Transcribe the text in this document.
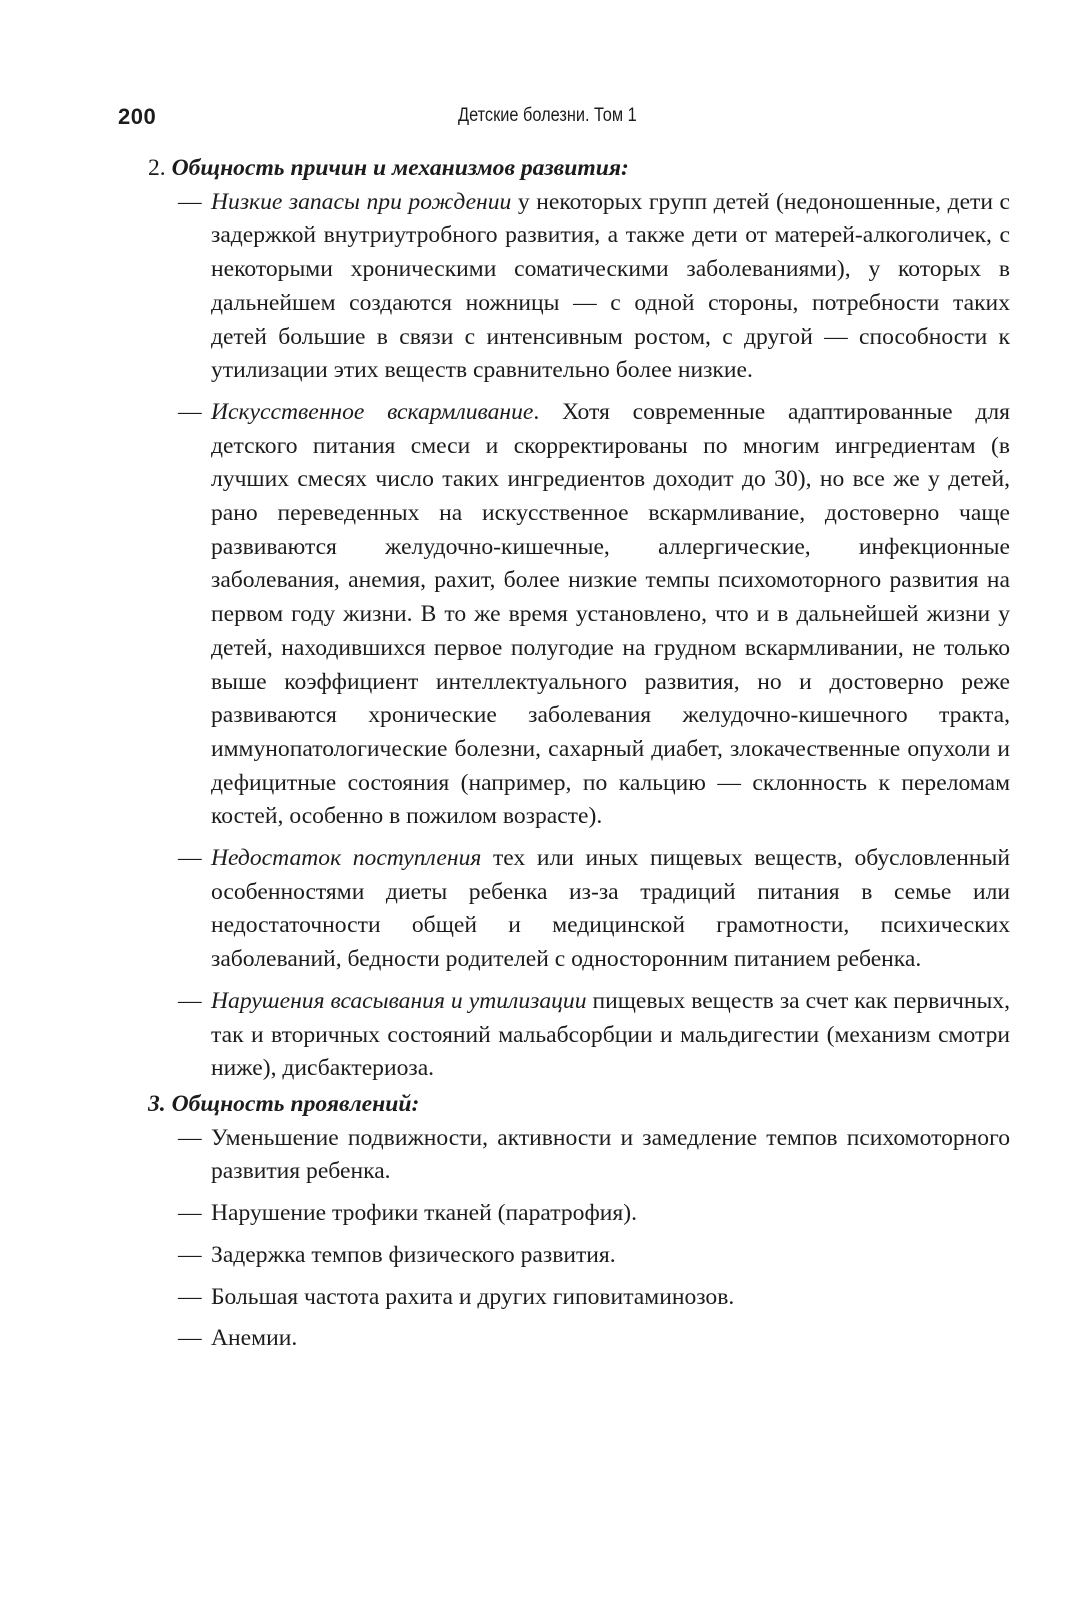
200	Детские болезни. Том 1

2. Общность причин и механизмов развития:

— Низкие запасы при рождении у некоторых групп детей (недоношенные, дети с задержкой внутриутробного развития, а также дети от матерей-алкоголичек, с некоторыми хроническими соматическими заболеваниями), у которых в дальнейшем создаются ножницы — с одной стороны, потребности таких детей большие в связи с интенсивным ростом, с другой — способности к утилизации этих веществ сравнительно более низкие.
— Искусственное вскармливание. Хотя современные адаптированные для детского питания смеси и скорректированы по многим ингредиентам (в лучших смесях число таких ингредиентов доходит до 30), но все же у детей, рано переведенных на искусственное вскармливание, достоверно чаще развиваются желудочно-кишечные, аллергические, инфекционные заболевания, анемия, рахит, более низкие темпы психомоторного развития на первом году жизни. В то же время установлено, что и в дальнейшей жизни у детей, находившихся первое полугодие на грудном вскармливании, не только выше коэффициент интеллектуального развития, но и достоверно реже развиваются хронические заболевания желудочно-кишечного тракта, иммунопатологические болезни, сахарный диабет, злокачественные опухоли и дефицитные состояния (например, по кальцию — склонность к переломам костей, особенно в пожилом возрасте).
— Недостаток поступления тех или иных пищевых веществ, обусловленный особенностями диеты ребенка из-за традиций питания в семье или недостаточности общей и медицинской грамотности, психических заболеваний, бедности родителей с односторонним питанием ребенка.
— Нарушения всасывания и утилизации пищевых веществ за счет как первичных, так и вторичных состояний мальабсорбции и мальдигестии (механизм смотри ниже), дисбактериоза.

3. Общность проявлений:

— Уменьшение подвижности, активности и замедление темпов психомоторного развития ребенка.
— Нарушение трофики тканей (паратрофия).
— Задержка темпов физического развития.
— Большая частота рахита и других гиповитаминозов.
— Анемии.
